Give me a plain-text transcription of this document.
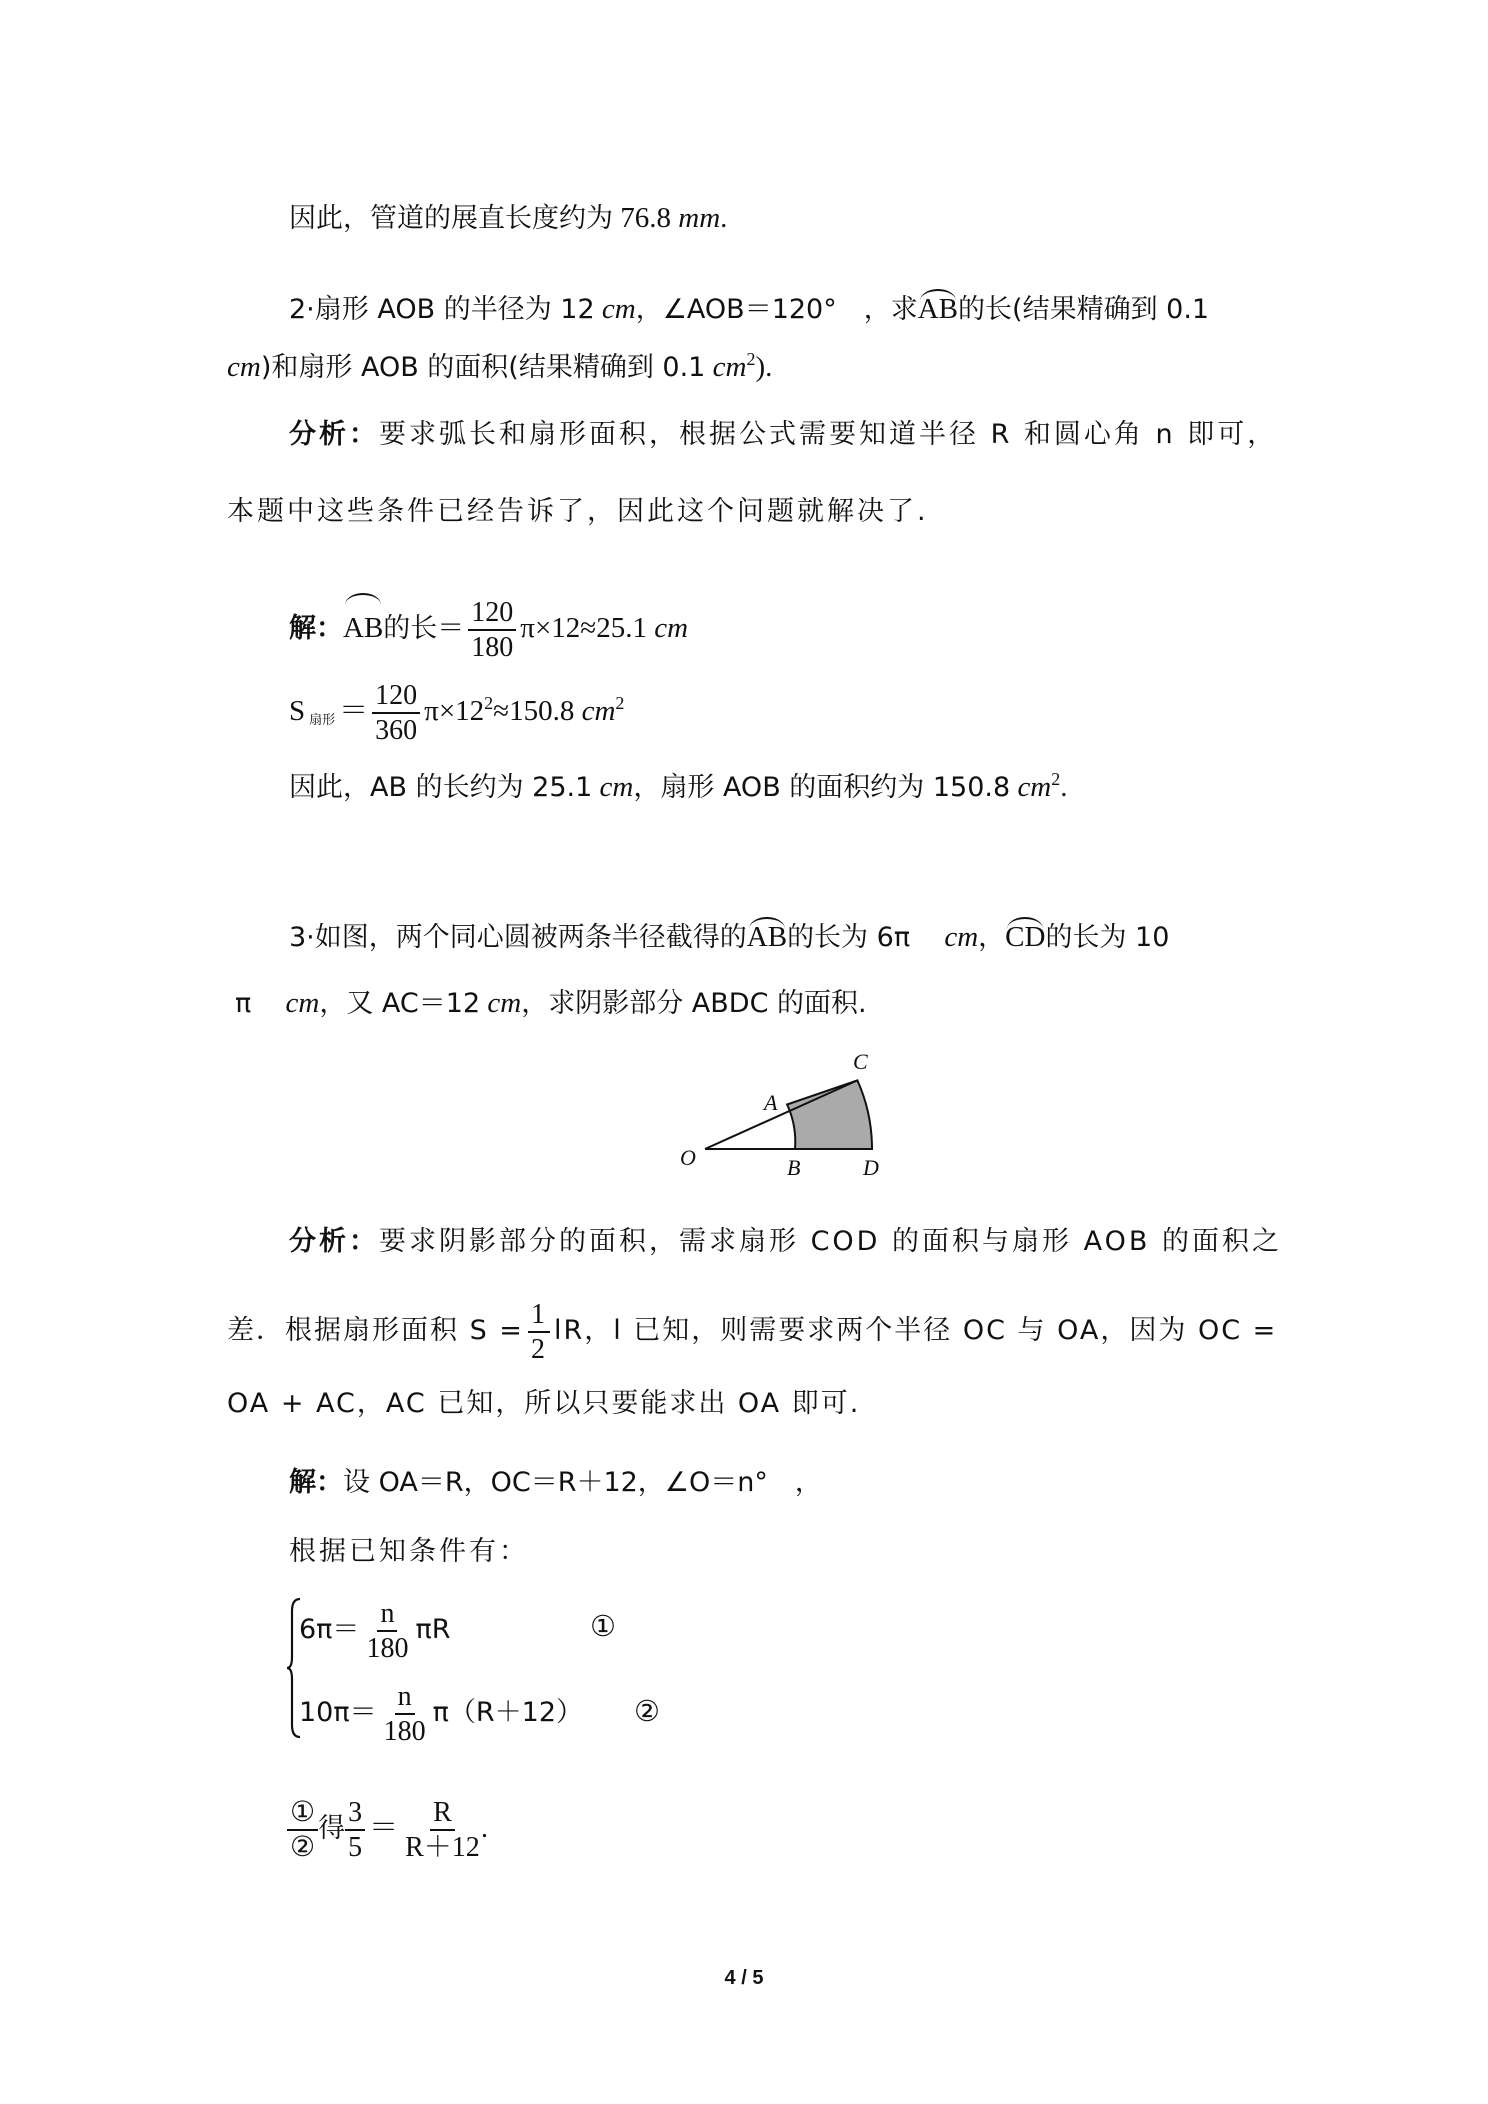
因此，管道的展直长度约为 76.8 mm.
2·扇形 AOB 的半径为 12 cm，∠AOB＝120°　，求AB的长(结果精确到 0.1
cm)和扇形 AOB 的面积(结果精确到 0.1 $cm^2$).
分析：要求弧长和扇形面积，根据公式需要知道半径 R 和圆心角 n 即可，
本题中这些条件已经告诉了，因此这个问题就解决了.
解：AB的长＝ $\frac{120}{180} \pi\times 12\approx 25.1$ cm
S $_{扇形} = \frac{120}{360} \pi\times 12^2\approx 150.8$ $cm^2$
因此，AB 的长约为 25.1 cm，扇形 AOB 的面积约为 150.8 $cm^2$.
3·如图，两个同心圆被两条半径截得的AB的长为 6π　 cm，CD的长为 10
π　 cm，又 AC＝12 cm，求阴影部分 ABDC 的面积.
C
A
O	B	D
分析：要求阴影部分的面积，需求扇形 COD 的面积与扇形 AOB 的面积之
差．根据扇形面积 $S = \frac{1}{2}$ lR，l 已知，则需要求两个半径 OC 与 OA，因为 OC =
OA + AC，AC 已知，所以只要能求出 OA 即可.
解：设 OA＝R，OC＝R＋12，∠O＝n°　，
根据已知条件有：
$6\pi= \frac{n}{180}$ πR	①
$10\pi= \frac{n}{180} \pi(R+12)$ ②
$\frac{\text{①}}{\text{②}}$ 得 $\frac{3}{5} = \frac{R}{R+12}$
.
4 / 5
